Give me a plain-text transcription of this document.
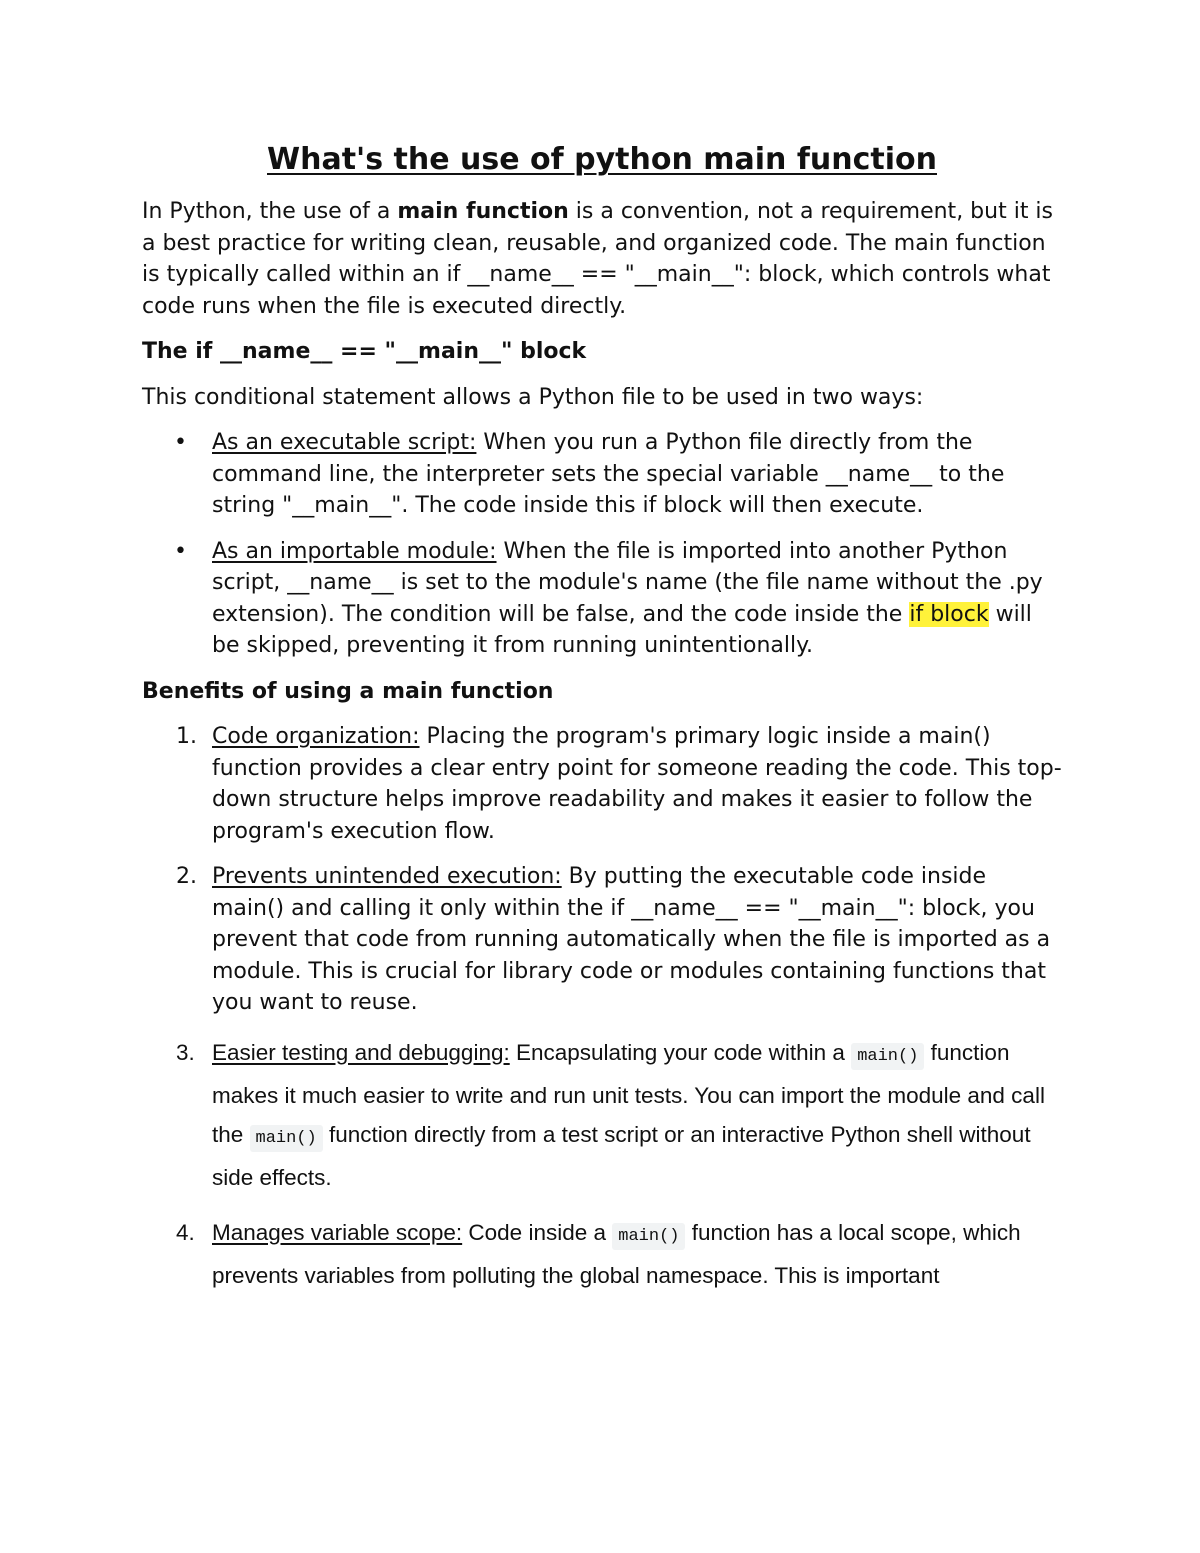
What's the use of python main function

In Python, the use of a main function is a convention, not a requirement, but it is a best practice for writing clean, reusable, and organized code. The main function is typically called within an if __name__ == "__main__": block, which controls what code runs when the file is executed directly.

The if __name__ == "__main__" block

This conditional statement allows a Python file to be used in two ways:

• As an executable script: When you run a Python file directly from the command line, the interpreter sets the special variable __name__ to the string "__main__". The code inside this if block will then execute.
• As an importable module: When the file is imported into another Python script, __name__ is set to the module's name (the file name without the .py extension). The condition will be false, and the code inside the if block will be skipped, preventing it from running unintentionally.
Benefits of using a main function
1. Code organization: Placing the program's primary logic inside a main() function provides a clear entry point for someone reading the code. This top-down structure helps improve readability and makes it easier to follow the program's execution flow.
2. Prevents unintended execution: By putting the executable code inside main() and calling it only within the if __name__ == "__main__": block, you prevent that code from running automatically when the file is imported as a module. This is crucial for library code or modules containing functions that you want to reuse.
3. Easier testing and debugging: Encapsulating your code within a main() function makes it much easier to write and run unit tests. You can import the module and call the main() function directly from a test script or an interactive Python shell without side effects.
4. Manages variable scope: Code inside a main() function has a local scope, which prevents variables from polluting the global namespace. This is important
